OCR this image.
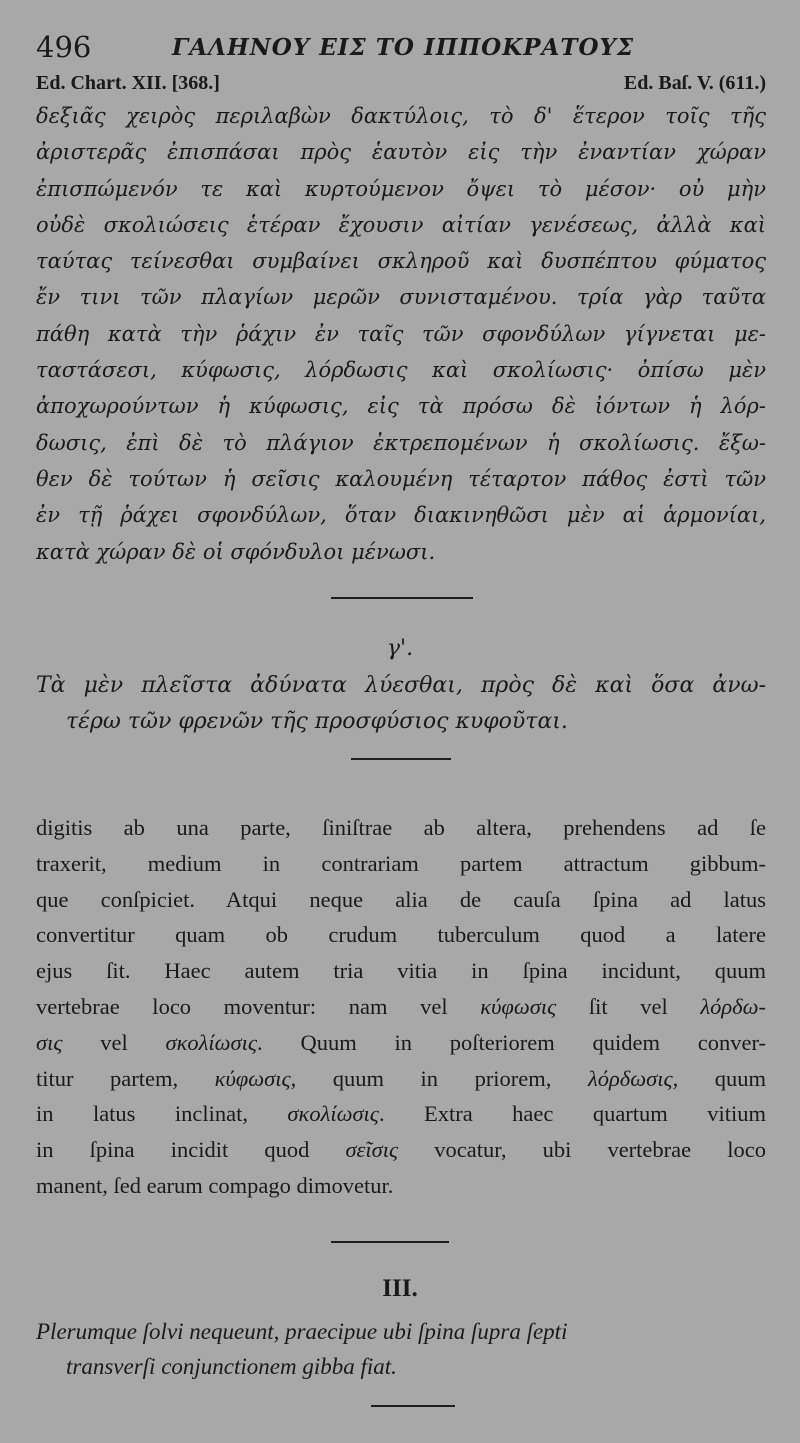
496	ΓΑΛΗΝΟΥ ΕΙΣ ΤΟ ΙΠΠΟΚΡΑΤΟΥΣ
Ed. Chart. XII. [368.]	Ed. Baſ. V. (611.)
δεξιᾶς χειρὸς περιλαβὼν δακτύλοις, τὸ δ' ἕτερον τοῖς τῆς
ἀριστερᾶς ἐπισπάσαι πρὸς ἑαυτὸν εἰς τὴν ἐναντίαν χώραν
ἐπισπώμενόν τε καὶ κυρτούμενον ὄψει τὸ μέσον· οὐ μὴν
οὐδὲ σκολιώσεις ἑτέραν ἔχουσιν αἰτίαν γενέσεως, ἀλλὰ καὶ
ταύτας τείνεσθαι συμβαίνει σκληροῦ καὶ δυσπέπτου φύματος
ἔν τινι τῶν πλαγίων μερῶν συνισταμένου. τρία γὰρ ταῦτα
πάθη κατὰ τὴν ῥάχιν ἐν ταῖς τῶν σφονδύλων γίγνεται με-
ταστάσεσι, κύφωσις, λόρδωσις καὶ σκολίωσις· ὀπίσω μὲν
ἀποχωρούντων ἡ κύφωσις, εἰς τὰ πρόσω δὲ ἰόντων ἡ λόρ-
δωσις, ἐπὶ δὲ τὸ πλάγιον ἐκτρεπομένων ἡ σκολίωσις. ἔξω-
θεν δὲ τούτων ἡ σεῖσις καλουμένη τέταρτον πάθος ἐστὶ τῶν
ἐν τῇ ῥάχει σφονδύλων, ὅταν διακινηθῶσι μὲν αἱ ἁρμονίαι,
κατὰ χώραν δὲ οἱ σφόνδυλοι μένωσι.
γ'.
Τὰ μὲν πλεῖστα ἀδύνατα λύεσθαι, πρὸς δὲ καὶ ὅσα ἀνω-
τέρω τῶν φρενῶν τῆς προσφύσιος κυφοῦται.
digitis ab una parte, ſiniſtrae ab altera, prehendens ad ſe
traxerit, medium in contrariam partem attractum gibbum-
que conſpiciet. Atqui neque alia de cauſa ſpina ad latus
convertitur quam ob crudum tuberculum quod a latere
ejus ſit. Haec autem tria vitia in ſpina incidunt, quum
vertebrae loco moventur: nam vel κύφωσις ſit vel λόρδω-
σις vel σκολίωσις. Quum in poſteriorem quidem conver-
titur partem, κύφωσις, quum in priorem, λόρδωσις, quum
in latus inclinat, σκολίωσις. Extra haec quartum vitium
in ſpina incidit quod σεῖσις vocatur, ubi vertebrae loco
manent, ſed earum compago dimovetur.
III.
Plerumque ſolvi nequeunt, praecipue ubi ſpina ſupra ſepti
transverſi conjunctionem gibba fiat.
